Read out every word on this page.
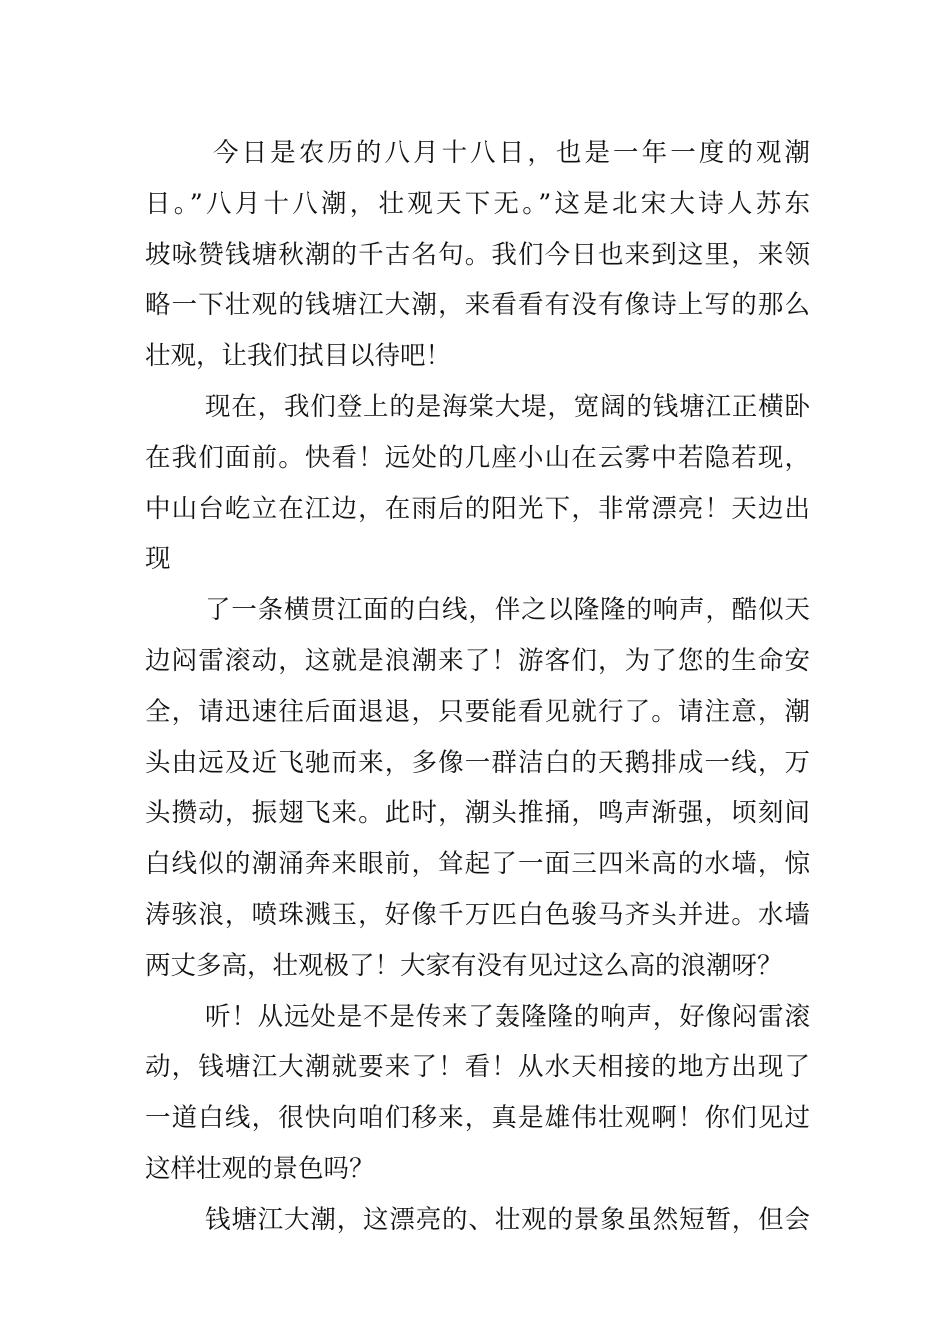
今日是农历的八月十八日，也是一年一度的观潮
日。”八月十八潮，壮观天下无。”这是北宋大诗人苏东
坡咏赞钱塘秋潮的千古名句。我们今日也来到这里，来领
略一下壮观的钱塘江大潮，来看看有没有像诗上写的那么
壮观，让我们拭目以待吧！
现在，我们登上的是海棠大堤，宽阔的钱塘江正横卧
在我们面前。快看！远处的几座小山在云雾中若隐若现，
中山台屹立在江边，在雨后的阳光下，非常漂亮！天边出
现
了一条横贯江面的白线，伴之以隆隆的响声，酷似天
边闷雷滚动，这就是浪潮来了！游客们，为了您的生命安
全，请迅速往后面退退，只要能看见就行了。请注意，潮
头由远及近飞驰而来，多像一群洁白的天鹅排成一线，万
头攒动，振翅飞来。此时，潮头推捅，鸣声渐强，顷刻间
白线似的潮涌奔来眼前，耸起了一面三四米高的水墙，惊
涛骇浪，喷珠溅玉，好像千万匹白色骏马齐头并进。水墙
两丈多高，壮观极了！大家有没有见过这么高的浪潮呀？
听！从远处是不是传来了轰隆隆的响声，好像闷雷滚
动，钱塘江大潮就要来了！看！从水天相接的地方出现了
一道白线，很快向咱们移来，真是雄伟壮观啊！你们见过
这样壮观的景色吗？
钱塘江大潮，这漂亮的、壮观的景象虽然短暂，但会
